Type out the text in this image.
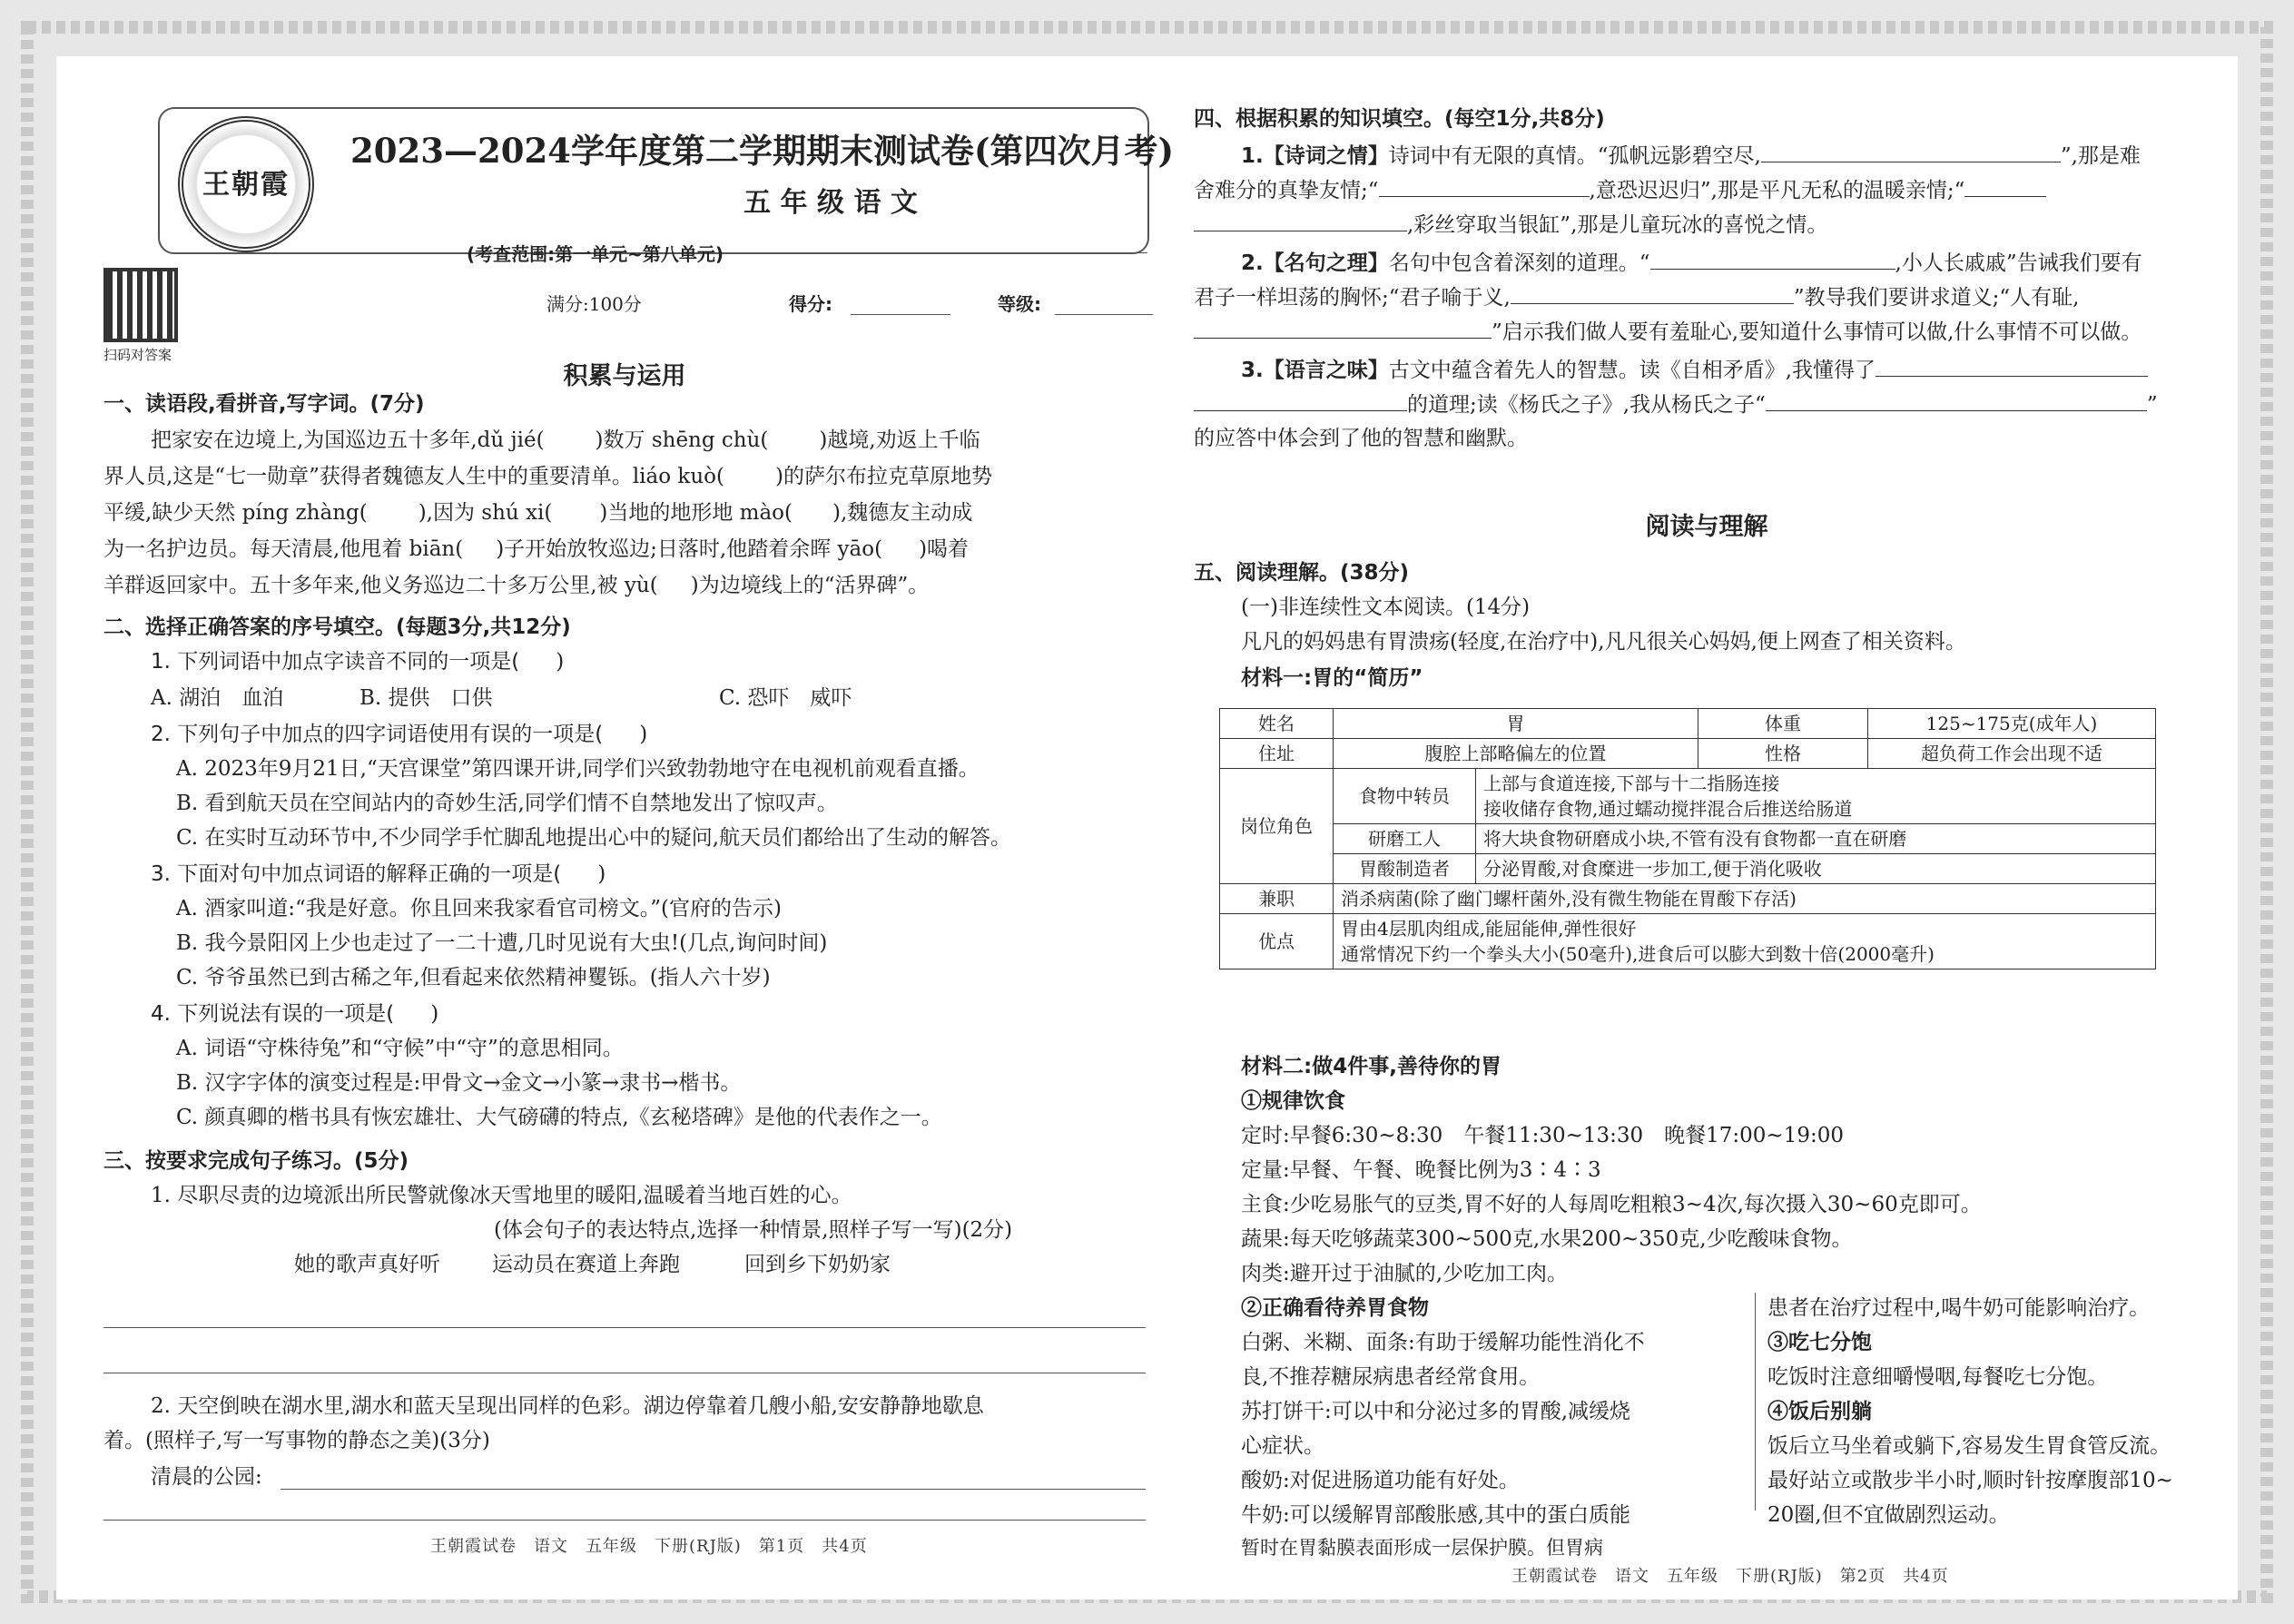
王朝霞
2023—2024学年度第二学期期末测试卷(第四次月考)
五 年 级 语 文
(考查范围:第一单元~第八单元)
扫码对答案
满分:100分	得分:	等级:
积累与运用
一、读语段,看拼音,写字词。(7分)
把家安在边境上,为国巡边五十多年,dǔ jié( )数万 shēng chù( )越境,劝返上千临
界人员,这是“七一勋章”获得者魏德友人生中的重要清单。liáo kuò( )的萨尔布拉克草原地势
平缓,缺少天然 píng zhàng( ),因为 shú xi( )当地的地形地 mào( ),魏德友主动成
为一名护边员。每天清晨,他甩着 biān( )子开始放牧巡边;日落时,他踏着余晖 yāo( )喝着
羊群返回家中。五十多年来,他义务巡边二十多万公里,被 yù( )为边境线上的“活界碑”。
二、选择正确答案的序号填空。(每题3分,共12分)
1. 下列词语中加点字读音不同的一项是( )
A. 湖泊　血泊	B. 提供　口供	C. 恐吓　威吓
2. 下列句子中加点的四字词语使用有误的一项是( )
A. 2023年9月21日,“天宫课堂”第四课开讲,同学们兴致勃勃地守在电视机前观看直播。
B. 看到航天员在空间站内的奇妙生活,同学们情不自禁地发出了惊叹声。
C. 在实时互动环节中,不少同学手忙脚乱地提出心中的疑问,航天员们都给出了生动的解答。
3. 下面对句中加点词语的解释正确的一项是( )
A. 酒家叫道:“我是好意。你且回来我家看官司榜文。”(官府的告示)
B. 我今景阳冈上少也走过了一二十遭,几时见说有大虫!(几点,询问时间)
C. 爷爷虽然已到古稀之年,但看起来依然精神矍铄。(指人六十岁)
4. 下列说法有误的一项是( )
A. 词语“守株待兔”和“守候”中“守”的意思相同。
B. 汉字字体的演变过程是:甲骨文→金文→小篆→隶书→楷书。
C. 颜真卿的楷书具有恢宏雄壮、大气磅礴的特点,《玄秘塔碑》是他的代表作之一。
三、按要求完成句子练习。(5分)
1. 尽职尽责的边境派出所民警就像冰天雪地里的暖阳,温暖着当地百姓的心。
(体会句子的表达特点,选择一种情景,照样子写一写)(2分)
她的歌声真好听 运动员在赛道上奔跑	回到乡下奶奶家
2. 天空倒映在湖水里,湖水和蓝天呈现出同样的色彩。湖边停靠着几艘小船,安安静静地歇息
着。(照样子,写一写事物的静态之美)(3分)
清晨的公园:
王朝霞试卷　语文　五年级　下册(RJ版)　第1页　共4页
四、根据积累的知识填空。(每空1分,共8分)
1.【诗词之情】诗词中有无限的真情。“孤帆远影碧空尽,	”,那是难
舍难分的真挚友情;“	,意恐迟迟归”,那是平凡无私的温暖亲情;“
,彩丝穿取当银缸”,那是儿童玩冰的喜悦之情。
2.【名句之理】名句中包含着深刻的道理。“	,小人长戚戚”告诫我们要有
君子一样坦荡的胸怀;“君子喻于义,	”教导我们要讲求道义;“人有耻,
”启示我们做人要有羞耻心,要知道什么事情可以做,什么事情不可以做。
3.【语言之味】古文中蕴含着先人的智慧。读《自相矛盾》,我懂得了
的道理;读《杨氏之子》,我从杨氏之子“	”
的应答中体会到了他的智慧和幽默。
阅读与理解
五、阅读理解。(38分)
(一)非连续性文本阅读。(14分)
凡凡的妈妈患有胃溃疡(轻度,在治疗中),凡凡很关心妈妈,便上网查了相关资料。
材料一:胃的“简历”
姓名	胃		体重	125~175克(成年人)
住址	腹腔上部略偏左的位置		性格	超负荷工作会出现不适
岗位角色	食物中转员	上部与食道连接,下部与十二指肠连接
接收储存食物,通过蠕动搅拌混合后推送给肠道		

	研磨工人	将大块食物研磨成小块,不管有没有食物都一直在研磨		
	胃酸制造者	分泌胃酸,对食糜进一步加工,便于消化吸收		
兼职	消杀病菌(除了幽门螺杆菌外,没有微生物能在胃酸下存活)			
优点	胃由4层肌肉组成,能屈能伸,弹性很好
通常情况下约一个拳头大小(50毫升),进食后可以膨大到数十倍(2000毫升)			
材料二:做4件事,善待你的胃
①规律饮食
定时:早餐6:30~8:30　午餐11:30~13:30　晚餐17:00~19:00
定量:早餐、午餐、晚餐比例为3∶4∶3
主食:少吃易胀气的豆类,胃不好的人每周吃粗粮3~4次,每次摄入30~60克即可。
蔬果:每天吃够蔬菜300~500克,水果200~350克,少吃酸味食物。
肉类:避开过于油腻的,少吃加工肉。
②正确看待养胃食物
白粥、米糊、面条:有助于缓解功能性消化不
良,不推荐糖尿病患者经常食用。
苏打饼干:可以中和分泌过多的胃酸,减缓烧
心症状。
酸奶:对促进肠道功能有好处。
牛奶:可以缓解胃部酸胀感,其中的蛋白质能
患者在治疗过程中,喝牛奶可能影响治疗。
③吃七分饱
吃饭时注意细嚼慢咽,每餐吃七分饱。
④饭后别躺
饭后立马坐着或躺下,容易发生胃食管反流。
最好站立或散步半小时,顺时针按摩腹部10~
20圈,但不宜做剧烈运动。
暂时在胃黏膜表面形成一层保护膜。但胃病
王朝霞试卷　语文　五年级　下册(RJ版)　第2页　共4页
